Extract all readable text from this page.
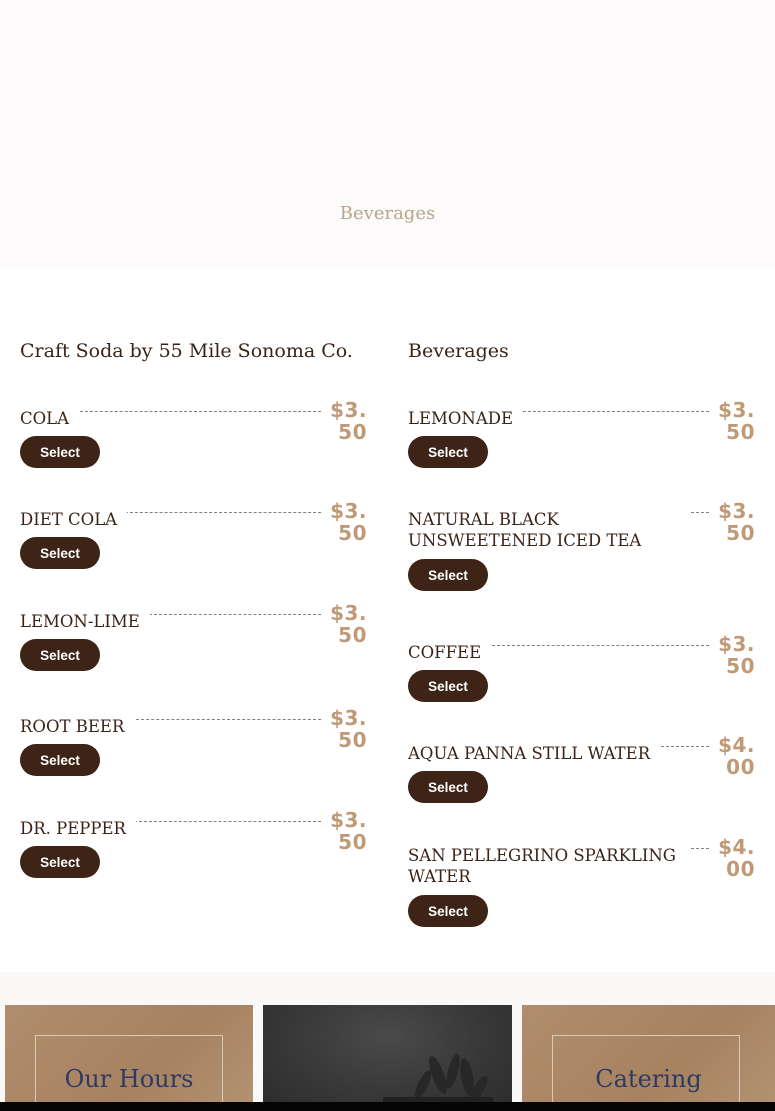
Beverages
Craft Soda by 55 Mile Sonoma Co.
COLA	$3.
50
Select
DIET COLA	$3.
50
Select
LEMON-LIME	$3.
50
Select
ROOT BEER	$3.
50
Select
DR. PEPPER	$3.
50
Select
Beverages
LEMONADE	$3.
50
Select
NATURAL BLACK
UNSWEETENED ICED TEA
$3.
50
Select
COFFEE	$3.
50
Select
AQUA PANNA STILL WATER	$4.
00
Select
SAN PELLEGRINO SPARKLING
WATER
$4.
00
Select
Our Hours	Catering
